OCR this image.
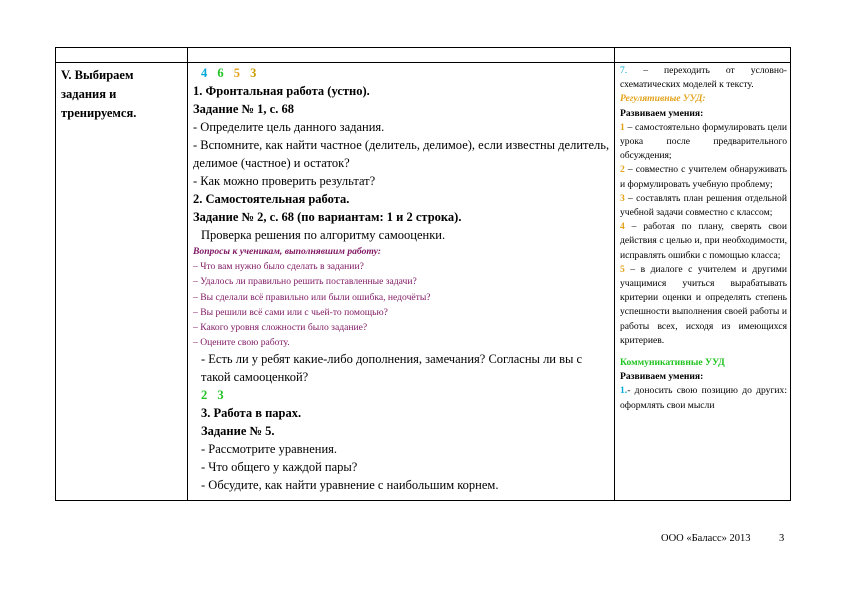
V. Выбираем
задания и
тренируемся.
4 6 5 3
1. Фронтальная работа (устно).
Задание № 1, с. 68
- Определите цель данного задания.
- Вспомните, как найти частное (делитель, делимое), если известны делитель, делимое (частное) и остаток?
- Как можно проверить результат?
2. Самостоятельная работа.
Задание № 2, с. 68 (по вариантам: 1 и 2 строка).
Проверка решения по алгоритму самооценки.
Вопросы к ученикам, выполнявшим работу:
– Что вам нужно было сделать в задании?
– Удалось ли правильно решить поставленные задачи?
– Вы сделали всё правильно или были ошибка, недочёты?
– Вы решили всё сами или с чьей-то помощью?
– Какого уровня сложности было задание?
– Оцените свою работу.
- Есть ли у ребят какие-либо дополнения, замечания? Согласны ли вы с такой самооценкой?
2 3
3. Работа в парах.
Задание № 5.
- Рассмотрите уравнения.
- Что общего у каждой пары?
- Обсудите, как найти уравнение с наибольшим корнем.
7. – переходить от условно-схематических моделей к тексту.
Регулятивные УУД:
Развиваем умения:
1 – самостоятельно формулировать цели урока после предварительного обсуждения;
2 – совместно с учителем обнаруживать и формулировать учебную проблему;
3 – составлять план решения отдельной учебной задачи совместно с классом;
4 – работая по плану, сверять свои действия с целью и, при необходимости, исправлять ошибки с помощью класса;
5 – в диалоге с учителем и другими учащимися учиться вырабатывать критерии оценки и определять степень успешности выполнения своей работы и работы всех, исходя из имеющихся критериев.
Коммуникативные УУД
Развиваем умения:
1.- доносить свою позицию до других: оформлять свои мысли
ООО «Баласс» 2013	3
